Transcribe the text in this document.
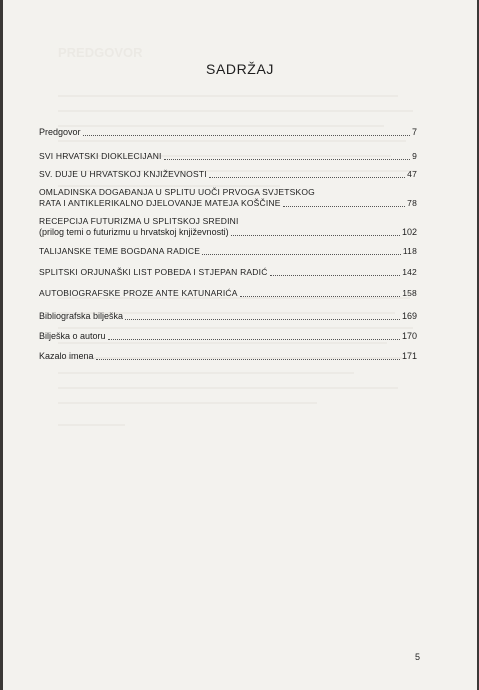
PREDGOVOR
SADRŽAJ
Predgovor	7
SVI HRVATSKI DIOKLECIJANI	9
SV. DUJE U HRVATSKOJ KNJIŽEVNOSTI	47
OMLADINSKA DOGAĐANJA U SPLITU UOČI PRVOGA SVJETSKOG
RATA I ANTIKLERIKALNO DJELOVANJE MATEJA KOŠČINE	78
RECEPCIJA FUTURIZMA U SPLITSKOJ SREDINI
(prilog temi o futurizmu u hrvatskoj književnosti)	102
TALIJANSKE TEME BOGDANA RADICE	118
SPLITSKI ORJUNAŠKI LIST POBEDA I STJEPAN RADIĆ	142
AUTOBIOGRAFSKE PROZE ANTE KATUNARIĆA	158
Bibliografska bilješka	169
Bilješka o autoru	170
Kazalo imena	171
5
